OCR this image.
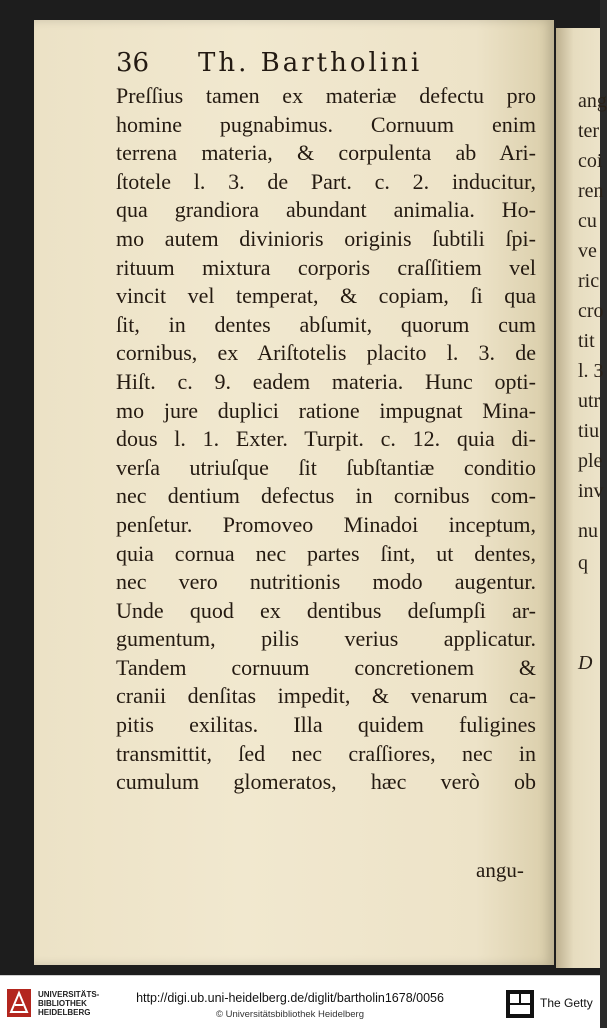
36 Th. Bartholini
Preſſius tamen ex materiæ defectu pro
homine pugnabimus. Cornuum enim
terrena materia, & corpulenta ab Ari-
ſtotele l. 3. de Part. c. 2. inducitur,
qua grandiora abundant animalia. Ho-
mo autem divinioris originis ſubtili ſpi-
rituum mixtura corporis craſſitiem vel
vincit vel temperat, & copiam, ſi qua
ſit, in dentes abſumit, quorum cum
cornibus, ex Ariſtotelis placito l. 3. de
Hiſt. c. 9. eadem materia. Hunc opti-
mo jure duplici ratione impugnat Mina-
dous l. 1. Exter. Turpit. c. 12. quia di-
verſa utriuſque ſit ſubſtantiæ conditio
nec dentium defectus in cornibus com-
penſetur. Promoveo Minadoi inceptum,
quia cornua nec partes ſint, ut dentes,
nec vero nutritionis modo augentur.
Unde quod ex dentibus deſumpſi ar-
gumentum, pilis verius applicatur.
Tandem cornuum concretionem &
cranii denſitas impedit, & venarum ca-
pitis exilitas. Illa quidem fuligines
transmittit, ſed nec craſſiores, nec in
cumulum glomeratos, hæc verò ob
angu-
ang
ter
coi
ren
cu
ve
ric
cro
tit
l. 3
utr
tiu
ple
inv
nu
q
D
UNIVERSITÄTS- BIBLIOTHEK HEIDELBERG
http://digi.ub.uni-heidelberg.de/diglit/bartholin1678/0056
© Universitätsbibliothek Heidelberg
The Getty
